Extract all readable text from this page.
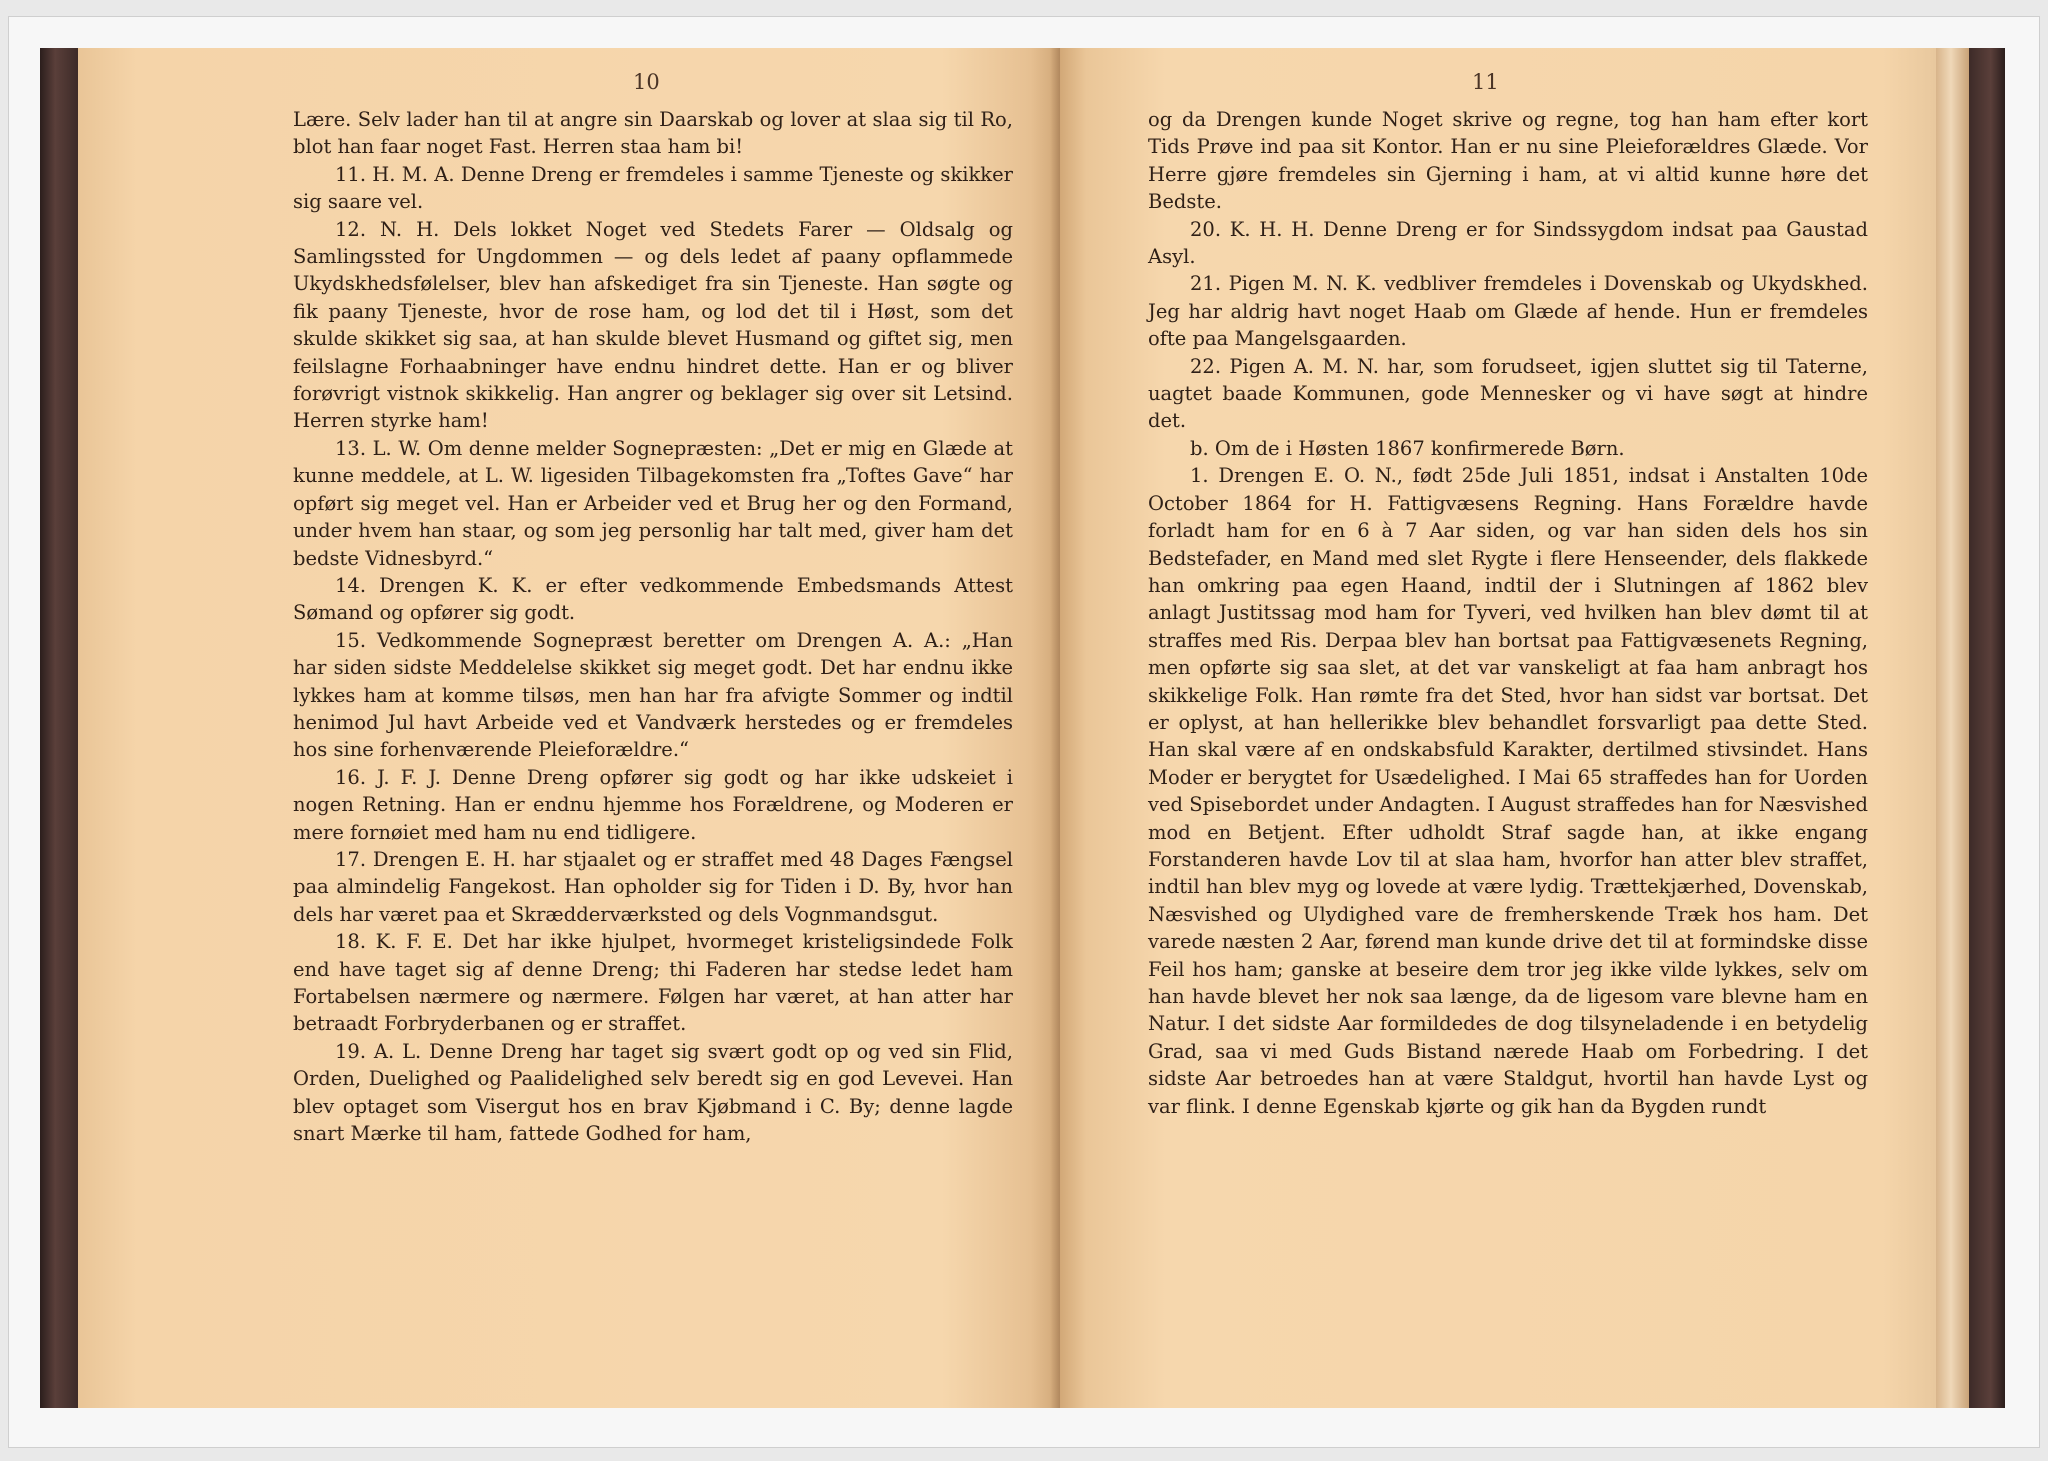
10

Lære. Selv lader han til at angre sin Daarskab og lover at slaa sig til Ro, blot han faar noget Fast. Herren staa ham bi!

11. H. M. A. Denne Dreng er fremdeles i samme Tjeneste og skikker sig saare vel.

12. N. H. Dels lokket Noget ved Stedets Farer — Oldsalg og Samlingssted for Ungdommen — og dels ledet af paany opflammede Ukydskhedsfølelser, blev han afskediget fra sin Tjeneste. Han søgte og fik paany Tjeneste, hvor de rose ham, og lod det til i Høst, som det skulde skikket sig saa, at han skulde blevet Husmand og giftet sig, men feilslagne Forhaabninger have endnu hindret dette. Han er og bliver forøvrigt vistnok skikkelig. Han angrer og beklager sig over sit Letsind. Herren styrke ham!

13. L. W. Om denne melder Sognepræsten: „Det er mig en Glæde at kunne meddele, at L. W. ligesiden Tilbagekomsten fra „Toftes Gave“ har opført sig meget vel. Han er Arbeider ved et Brug her og den Formand, under hvem han staar, og som jeg personlig har talt med, giver ham det bedste Vidnesbyrd.“

14. Drengen K. K. er efter vedkommende Embedsmands Attest Sømand og opfører sig godt.

15. Vedkommende Sognepræst beretter om Drengen A. A.: „Han har siden sidste Meddelelse skikket sig meget godt. Det har endnu ikke lykkes ham at komme tilsøs, men han har fra afvigte Sommer og indtil henimod Jul havt Arbeide ved et Vandværk herstedes og er fremdeles hos sine forhenværende Pleieforældre.“

16. J. F. J. Denne Dreng opfører sig godt og har ikke udskeiet i nogen Retning. Han er endnu hjemme hos Forældrene, og Moderen er mere fornøiet med ham nu end tidligere.

17. Drengen E. H. har stjaalet og er straffet med 48 Dages Fængsel paa almindelig Fangekost. Han opholder sig for Tiden i D. By, hvor han dels har været paa et Skrædderværksted og dels Vognmandsgut.

18. K. F. E. Det har ikke hjulpet, hvormeget kristeligsindede Folk end have taget sig af denne Dreng; thi Faderen har stedse ledet ham Fortabelsen nærmere og nærmere. Følgen har været, at han atter har betraadt Forbryderbanen og er straffet.

19. A. L. Denne Dreng har taget sig svært godt op og ved sin Flid, Orden, Duelighed og Paalidelighed selv beredt sig en god Levevei. Han blev optaget som Visergut hos en brav Kjøbmand i C. By; denne lagde snart Mærke til ham, fattede Godhed for ham,

11

og da Drengen kunde Noget skrive og regne, tog han ham efter kort Tids Prøve ind paa sit Kontor. Han er nu sine Pleieforældres Glæde. Vor Herre gjøre fremdeles sin Gjerning i ham, at vi altid kunne høre det Bedste.

20. K. H. H. Denne Dreng er for Sindssygdom indsat paa Gaustad Asyl.

21. Pigen M. N. K. vedbliver fremdeles i Dovenskab og Ukydskhed. Jeg har aldrig havt noget Haab om Glæde af hende. Hun er fremdeles ofte paa Mangelsgaarden.

22. Pigen A. M. N. har, som forudseet, igjen sluttet sig til Taterne, uagtet baade Kommunen, gode Mennesker og vi have søgt at hindre det.

b. Om de i Høsten 1867 konfirmerede Børn.

1. Drengen E. O. N., født 25de Juli 1851, indsat i Anstalten 10de October 1864 for H. Fattigvæsens Regning. Hans Forældre havde forladt ham for en 6 à 7 Aar siden, og var han siden dels hos sin Bedstefader, en Mand med slet Rygte i flere Henseender, dels flakkede han omkring paa egen Haand, indtil der i Slutningen af 1862 blev anlagt Justitssag mod ham for Tyveri, ved hvilken han blev dømt til at straffes med Ris. Derpaa blev han bortsat paa Fattigvæsenets Regning, men opførte sig saa slet, at det var vanskeligt at faa ham anbragt hos skikkelige Folk. Han rømte fra det Sted, hvor han sidst var bortsat. Det er oplyst, at han hellerikke blev behandlet forsvarligt paa dette Sted. Han skal være af en ondskabsfuld Karakter, dertilmed stivsindet. Hans Moder er berygtet for Usædelighed. I Mai 65 straffedes han for Uorden ved Spisebordet under Andagten. I August straffedes han for Næsvished mod en Betjent. Efter udholdt Straf sagde han, at ikke engang Forstanderen havde Lov til at slaa ham, hvorfor han atter blev straffet, indtil han blev myg og lovede at være lydig. Trættekjærhed, Dovenskab, Næsvished og Ulydighed vare de fremherskende Træk hos ham. Det varede næsten 2 Aar, førend man kunde drive det til at formindske disse Feil hos ham; ganske at beseire dem tror jeg ikke vilde lykkes, selv om han havde blevet her nok saa længe, da de ligesom vare blevne ham en Natur. I det sidste Aar formildedes de dog tilsyneladende i en betydelig Grad, saa vi med Guds Bistand nærede Haab om Forbedring. I det sidste Aar betroedes han at være Staldgut, hvortil han havde Lyst og var flink. I denne Egenskab kjørte og gik han da Bygden rundt
